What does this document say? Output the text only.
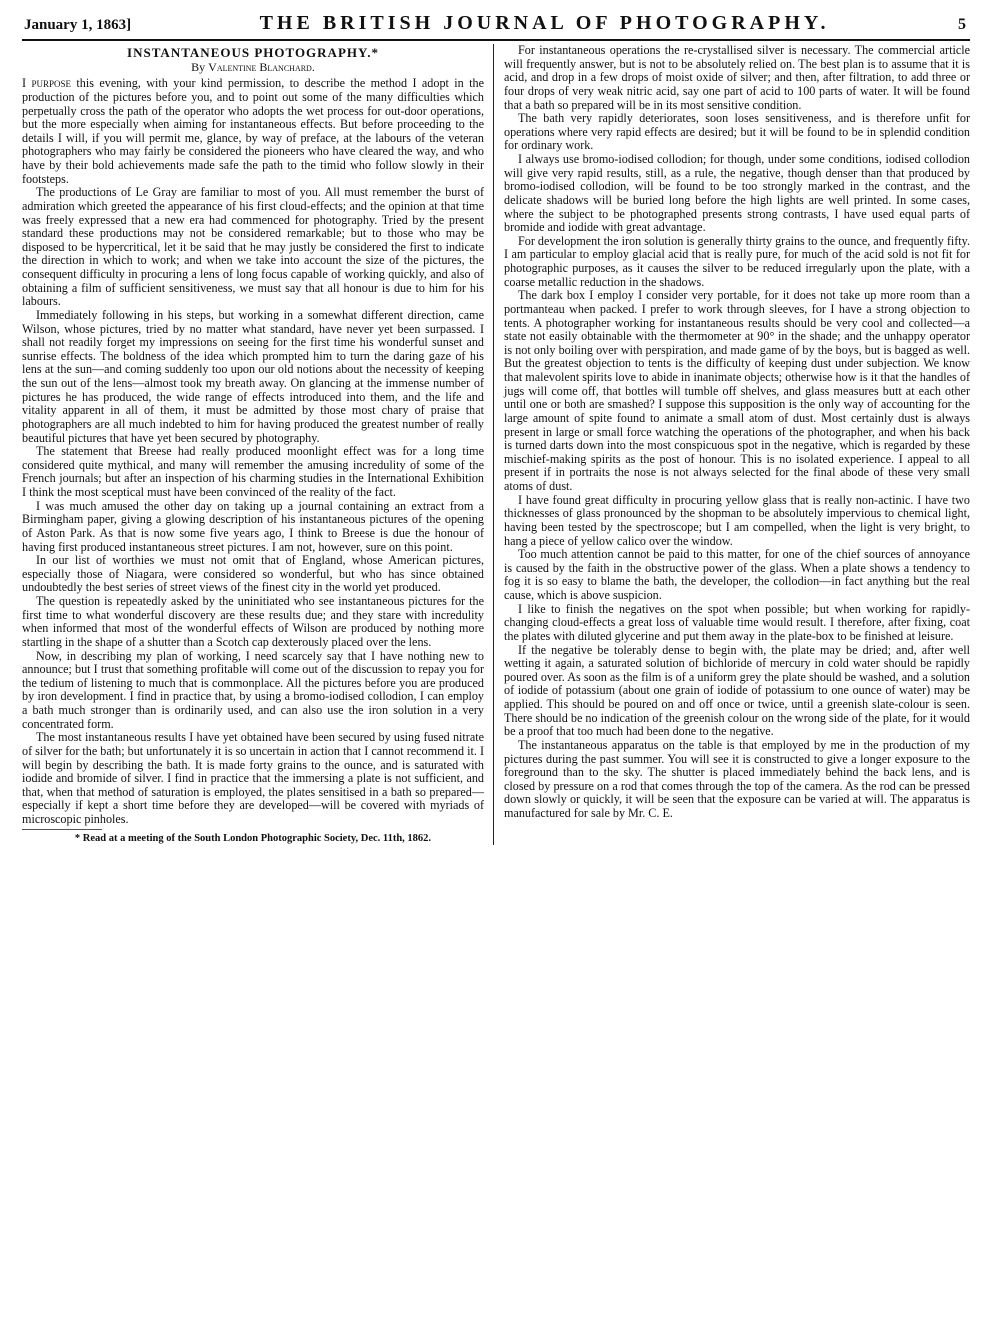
January 1, 1863]	THE BRITISH JOURNAL OF PHOTOGRAPHY.	5
INSTANTANEOUS PHOTOGRAPHY.*
By Valentine Blanchard.

I purpose this evening, with your kind permission, to describe the method I adopt in the production of the pictures before you, and to point out some of the many difficulties which perpetually cross the path of the operator who adopts the wet process for out-door operations, but the more especially when aiming for instantaneous effects. But before proceeding to the details I will, if you will permit me, glance, by way of preface, at the labours of the veteran photographers who may fairly be considered the pioneers who have cleared the way, and who have by their bold achievements made safe the path to the timid who follow slowly in their footsteps.

The productions of Le Gray are familiar to most of you. All must remember the burst of admiration which greeted the appearance of his first cloud-effects; and the opinion at that time was freely expressed that a new era had commenced for photography. Tried by the present standard these productions may not be considered remarkable; but to those who may be disposed to be hypercritical, let it be said that he may justly be considered the first to indicate the direction in which to work; and when we take into account the size of the pictures, the consequent difficulty in procuring a lens of long focus capable of working quickly, and also of obtaining a film of sufficient sensitiveness, we must say that all honour is due to him for his labours.

Immediately following in his steps, but working in a somewhat different direction, came Wilson, whose pictures, tried by no matter what standard, have never yet been surpassed. I shall not readily forget my impressions on seeing for the first time his wonderful sunset and sunrise effects. The boldness of the idea which prompted him to turn the daring gaze of his lens at the sun—and coming suddenly too upon our old notions about the necessity of keeping the sun out of the lens—almost took my breath away. On glancing at the immense number of pictures he has produced, the wide range of effects introduced into them, and the life and vitality apparent in all of them, it must be admitted by those most chary of praise that photographers are all much indebted to him for having produced the greatest number of really beautiful pictures that have yet been secured by photography.

The statement that Breese had really produced moonlight effect was for a long time considered quite mythical, and many will remember the amusing incredulity of some of the French journals; but after an inspection of his charming studies in the International Exhibition I think the most sceptical must have been convinced of the reality of the fact.

I was much amused the other day on taking up a journal containing an extract from a Birmingham paper, giving a glowing description of his instantaneous pictures of the opening of Aston Park. As that is now some five years ago, I think to Breese is due the honour of having first produced instantaneous street pictures. I am not, however, sure on this point.

In our list of worthies we must not omit that of England, whose American pictures, especially those of Niagara, were considered so wonderful, but who has since obtained undoubtedly the best series of street views of the finest city in the world yet produced.

The question is repeatedly asked by the uninitiated who see instantaneous pictures for the first time to what wonderful discovery are these results due; and they stare with incredulity when informed that most of the wonderful effects of Wilson are produced by nothing more startling in the shape of a shutter than a Scotch cap dexterously placed over the lens.

Now, in describing my plan of working, I need scarcely say that I have nothing new to announce; but I trust that something profitable will come out of the discussion to repay you for the tedium of listening to much that is commonplace. All the pictures before you are produced by iron development. I find in practice that, by using a bromo-iodised collodion, I can employ a bath much stronger than is ordinarily used, and can also use the iron solution in a very concentrated form.

The most instantaneous results I have yet obtained have been secured by using fused nitrate of silver for the bath; but unfortunately it is so uncertain in action that I cannot recommend it. I will begin by describing the bath. It is made forty grains to the ounce, and is saturated with iodide and bromide of silver. I find in practice that the immersing a plate is not sufficient, and that, when that method of saturation is employed, the plates sensitised in a bath so prepared—especially if kept a short time before they are developed—will be covered with myriads of microscopic pinholes.

* Read at a meeting of the South London Photographic Society, Dec. 11th, 1862.

For instantaneous operations the re-crystallised silver is necessary. The commercial article will frequently answer, but is not to be absolutely relied on. The best plan is to assume that it is acid, and drop in a few drops of moist oxide of silver; and then, after filtration, to add three or four drops of very weak nitric acid, say one part of acid to 100 parts of water. It will be found that a bath so prepared will be in its most sensitive condition.

The bath very rapidly deteriorates, soon loses sensitiveness, and is therefore unfit for operations where very rapid effects are desired; but it will be found to be in splendid condition for ordinary work.

I always use bromo-iodised collodion; for though, under some conditions, iodised collodion will give very rapid results, still, as a rule, the negative, though denser than that produced by bromo-iodised collodion, will be found to be too strongly marked in the contrast, and the delicate shadows will be buried long before the high lights are well printed. In some cases, where the subject to be photographed presents strong contrasts, I have used equal parts of bromide and iodide with great advantage.

For development the iron solution is generally thirty grains to the ounce, and frequently fifty. I am particular to employ glacial acid that is really pure, for much of the acid sold is not fit for photographic purposes, as it causes the silver to be reduced irregularly upon the plate, with a coarse metallic reduction in the shadows.

The dark box I employ I consider very portable, for it does not take up more room than a portmanteau when packed. I prefer to work through sleeves, for I have a strong objection to tents. A photographer working for instantaneous results should be very cool and collected—a state not easily obtainable with the thermometer at 90° in the shade; and the unhappy operator is not only boiling over with perspiration, and made game of by the boys, but is bagged as well. But the greatest objection to tents is the difficulty of keeping dust under subjection. We know that malevolent spirits love to abide in inanimate objects; otherwise how is it that the handles of jugs will come off, that bottles will tumble off shelves, and glass measures butt at each other until one or both are smashed? I suppose this supposition is the only way of accounting for the large amount of spite found to animate a small atom of dust. Most certainly dust is always present in large or small force watching the operations of the photographer, and when his back is turned darts down into the most conspicuous spot in the negative, which is regarded by these mischief-making spirits as the post of honour. This is no isolated experience. I appeal to all present if in portraits the nose is not always selected for the final abode of these very small atoms of dust.

I have found great difficulty in procuring yellow glass that is really non-actinic. I have two thicknesses of glass pronounced by the shopman to be absolutely impervious to chemical light, having been tested by the spectroscope; but I am compelled, when the light is very bright, to hang a piece of yellow calico over the window.

Too much attention cannot be paid to this matter, for one of the chief sources of annoyance is caused by the faith in the obstructive power of the glass. When a plate shows a tendency to fog it is so easy to blame the bath, the developer, the collodion—in fact anything but the real cause, which is above suspicion.

I like to finish the negatives on the spot when possible; but when working for rapidly-changing cloud-effects a great loss of valuable time would result. I therefore, after fixing, coat the plates with diluted glycerine and put them away in the plate-box to be finished at leisure.

If the negative be tolerably dense to begin with, the plate may be dried; and, after well wetting it again, a saturated solution of bichloride of mercury in cold water should be rapidly poured over. As soon as the film is of a uniform grey the plate should be washed, and a solution of iodide of potassium (about one grain of iodide of potassium to one ounce of water) may be applied. This should be poured on and off once or twice, until a greenish slate-colour is seen. There should be no indication of the greenish colour on the wrong side of the plate, for it would be a proof that too much had been done to the negative.

The instantaneous apparatus on the table is that employed by me in the production of my pictures during the past summer. You will see it is constructed to give a longer exposure to the foreground than to the sky. The shutter is placed immediately behind the back lens, and is closed by pressure on a rod that comes through the top of the camera. As the rod can be pressed down slowly or quickly, it will be seen that the exposure can be varied at will. The apparatus is manufactured for sale by Mr. C. E.
